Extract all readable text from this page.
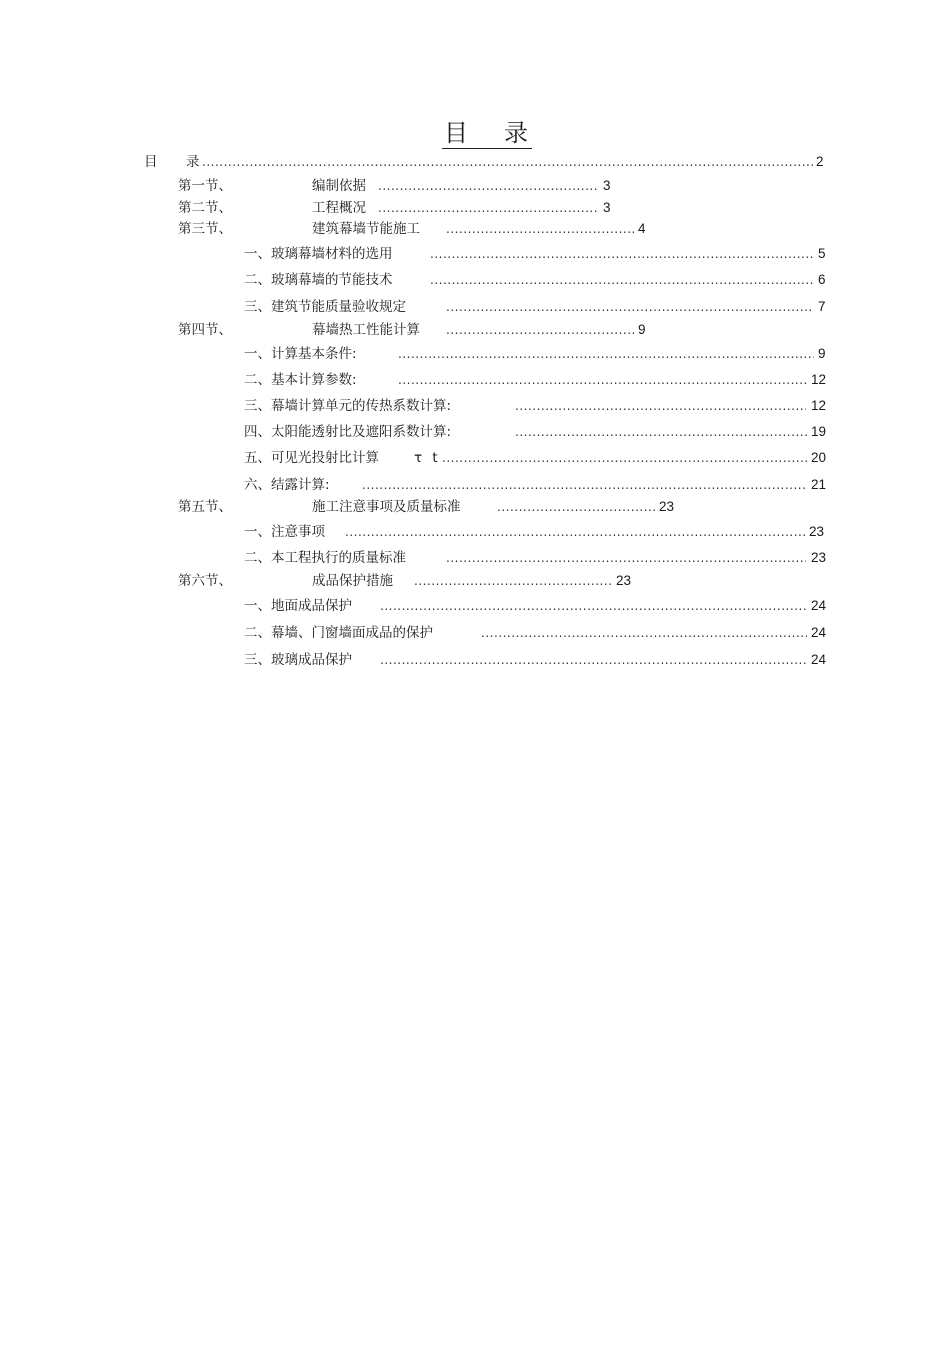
目 录
目 录 .....	2
第一节、	编制依据 .....	3
第二节、	工程概况 .....	3
第三节、	建筑幕墙节能施工 .....	4
一、玻璃幕墙材料的选用 .....	5
二、玻璃幕墙的节能技术 .....	6
三、建筑节能质量验收规定 .....	7
第四节、	幕墙热工性能计算 .....	9
一、计算基本条件: .....	9
二、基本计算参数: .....	12
三、幕墙计算单元的传热系数计算: .....	12
四、太阳能透射比及遮阳系数计算: .....	19
五、可见光投射比计算	τ t .....	20
六、结露计算: .....	21
第五节、	施工注意事项及质量标准 .....	23
一、注意事项 .....	23
二、本工程执行的质量标准 .....	23
第六节、	成品保护措施 .....	23
一、地面成品保护 .....	24
二、幕墙、门窗墙面成品的保护 .....	24
三、玻璃成品保护 .....	24
